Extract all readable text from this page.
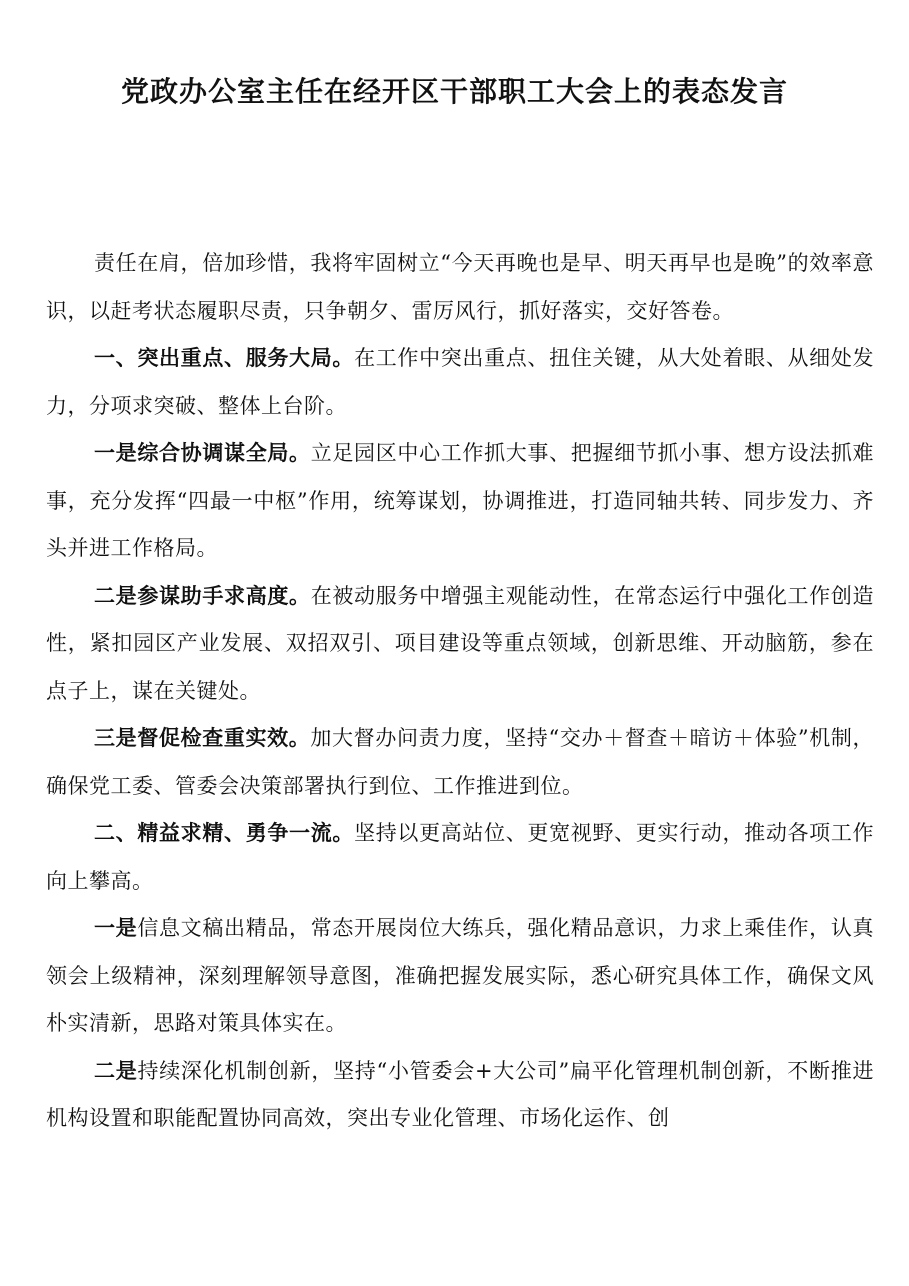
党政办公室主任在经开区干部职工大会上的表态发言

责任在肩，倍加珍惜，我将牢固树立“今天再晚也是早、明天再早也是晚”的效率意识，以赶考状态履职尽责，只争朝夕、雷厉风行，抓好落实，交好答卷。

一、突出重点、服务大局。在工作中突出重点、扭住关键，从大处着眼、从细处发力，分项求突破、整体上台阶。

一是综合协调谋全局。立足园区中心工作抓大事、把握细节抓小事、想方设法抓难事，充分发挥“四最一中枢”作用，统筹谋划，协调推进，打造同轴共转、同步发力、齐头并进工作格局。

二是参谋助手求高度。在被动服务中增强主观能动性，在常态运行中强化工作创造性，紧扣园区产业发展、双招双引、项目建设等重点领域，创新思维、开动脑筋，参在点子上，谋在关键处。

三是督促检查重实效。加大督办问责力度，坚持“交办＋督查＋暗访＋体验”机制，确保党工委、管委会决策部署执行到位、工作推进到位。

二、精益求精、勇争一流。坚持以更高站位、更宽视野、更实行动，推动各项工作向上攀高。

一是信息文稿出精品，常态开展岗位大练兵，强化精品意识，力求上乘佳作，认真领会上级精神，深刻理解领导意图，准确把握发展实际，悉心研究具体工作，确保文风朴实清新，思路对策具体实在。

二是持续深化机制创新，坚持“小管委会+大公司”扁平化管理机制创新，不断推进机构设置和职能配置协同高效，突出专业化管理、市场化运作、创
